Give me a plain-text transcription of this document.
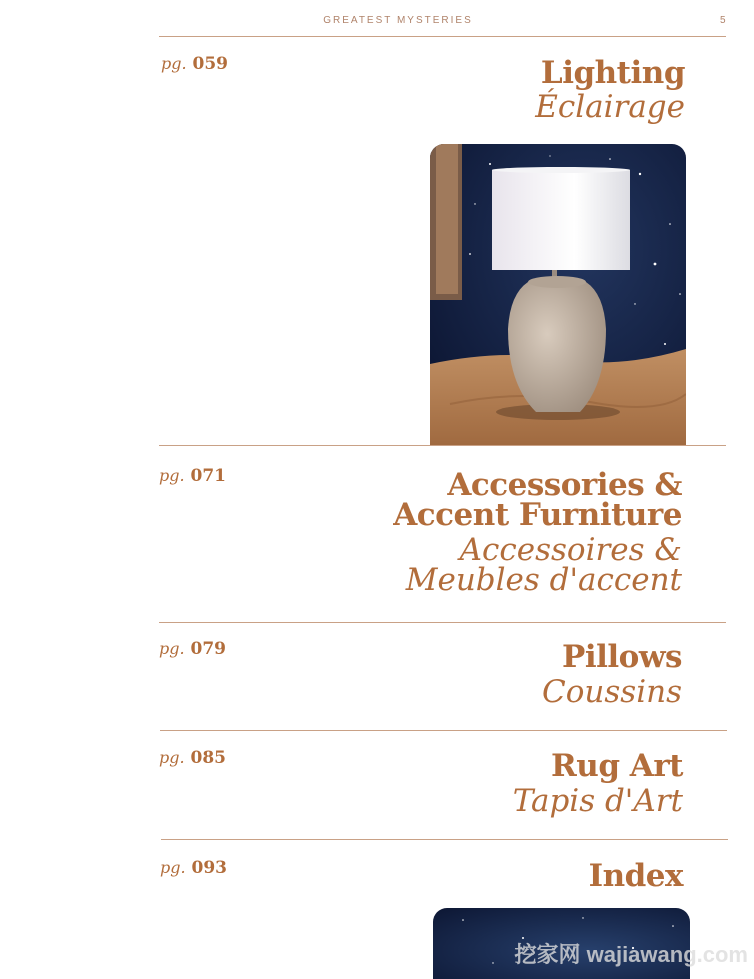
GREATEST MYSTERIES	5
pg. 059	Lighting
Éclairage
pg. 071	Accessories &
Accent Furniture
Accessoires &
Meubles d'accent
pg. 079	Pillows
Coussins
pg. 085	Rug Art
Tapis d'Art
pg. 093	Index
挖家网 wajiawang.com
